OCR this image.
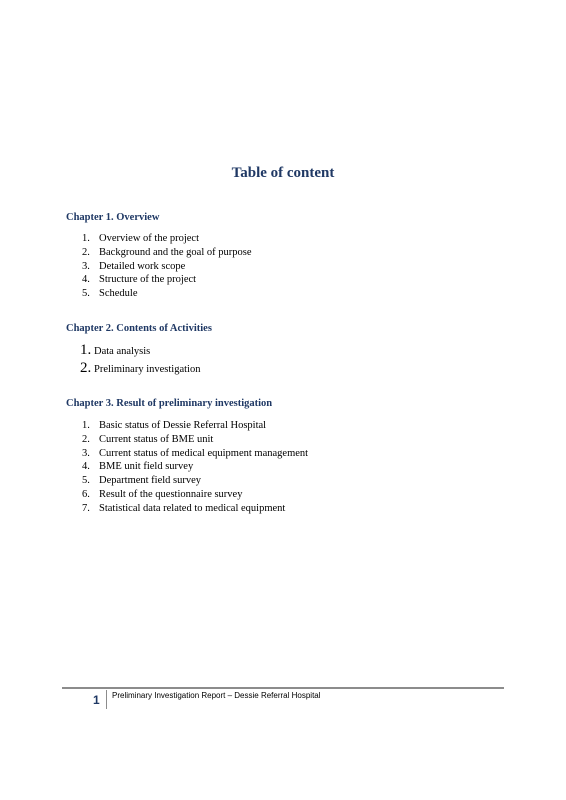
Table of content
Chapter 1. Overview
1. Overview of the project
2. Background and the goal of purpose
3. Detailed work scope
4. Structure of the project
5. Schedule
Chapter 2. Contents of Activities
1. Data analysis
2. Preliminary investigation
Chapter 3. Result of preliminary investigation
1. Basic status of Dessie Referral Hospital
2. Current status of BME unit
3. Current status of medical equipment management
4. BME unit field survey
5. Department field survey
6. Result of the questionnaire survey
7. Statistical data related to medical equipment
1 Preliminary Investigation Report – Dessie Referral Hospital
